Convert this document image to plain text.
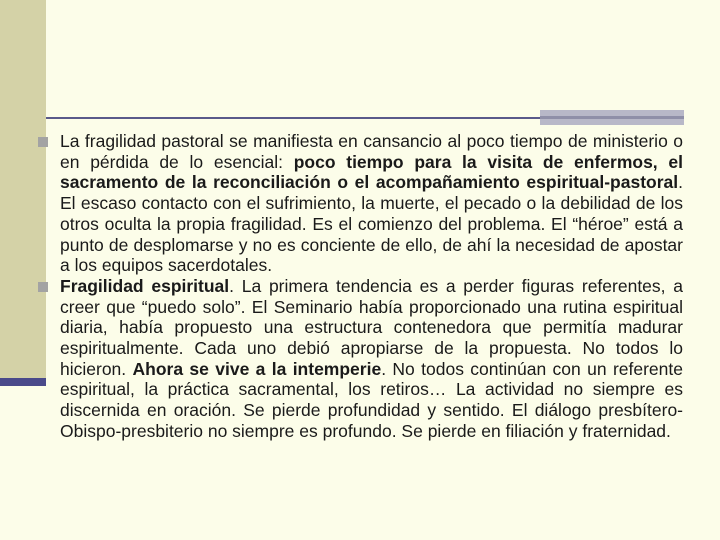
La fragilidad pastoral se manifiesta en cansancio al poco tiempo de ministerio o en pérdida de lo esencial: poco tiempo para la visita de enfermos, el sacramento de la reconciliación o el acompañamiento espiritual-pastoral. El escaso contacto con el sufrimiento, la muerte, el pecado o la debilidad de los otros oculta la propia fragilidad. Es el comienzo del problema. El “héroe” está a punto de desplomarse y no es conciente de ello, de ahí la necesidad de apostar a los equipos sacerdotales.

Fragilidad espiritual. La primera tendencia es a perder figuras referentes, a creer que “puedo solo”. El Seminario había proporcionado una rutina espiritual diaria, había propuesto una estructura contenedora que permitía madurar espiritualmente. Cada uno debió apropiarse de la propuesta. No todos lo hicieron. Ahora se vive a la intemperie. No todos continúan con un referente espiritual, la práctica sacramental, los retiros… La actividad no siempre es discernida en oración. Se pierde profundidad y sentido. El diálogo presbítero-Obispo-presbiterio no siempre es profundo. Se pierde en filiación y fraternidad.
